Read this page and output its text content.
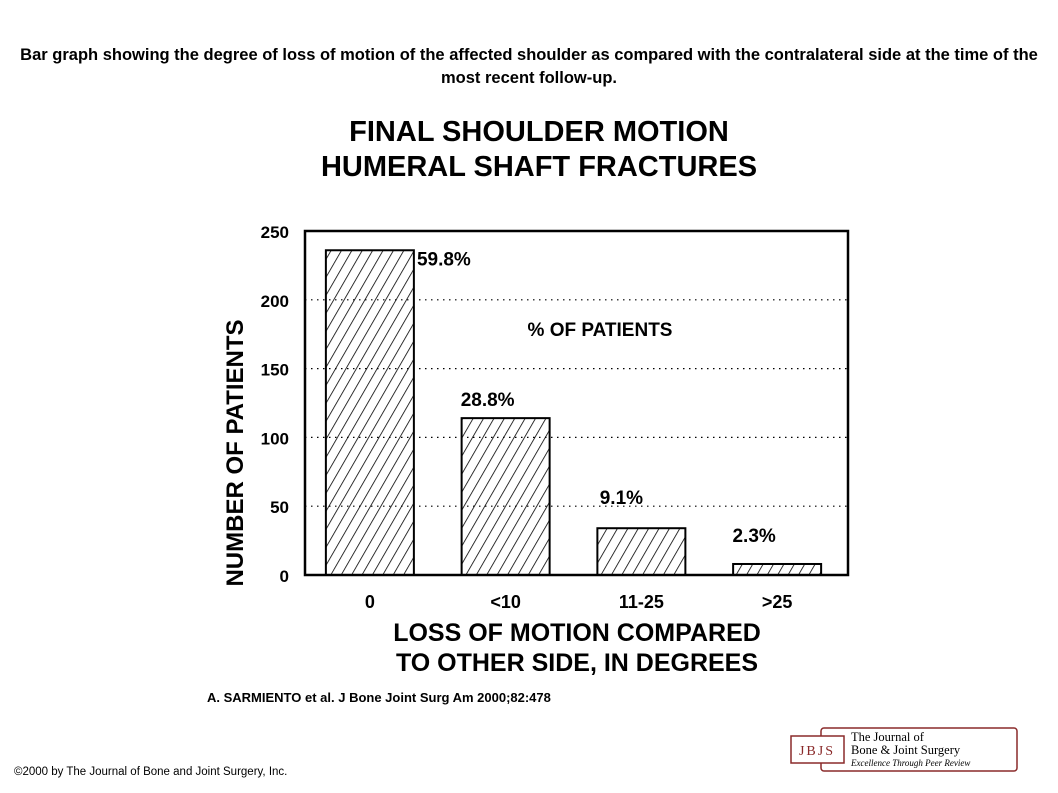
Bar graph showing the degree of loss of motion of the affected shoulder as compared with the contralateral side at the time of the most recent follow-up.
FINAL SHOULDER MOTION
HUMERAL SHAFT FRACTURES
NUMBER OF PATIENTS 0
50
100
150
200
250
59.8%
28.8%
9.1%
2.3%
0	<10	11-25	>25
% OF PATIENTS
LOSS OF MOTION COMPARED
TO OTHER SIDE, IN DEGREES
A. SARMIENTO et al. J Bone Joint Surg Am 2000;82:478
©2000 by The Journal of Bone and Joint Surgery, Inc.
JBJS
The Journal of
Bone & Joint Surgery
Excellence Through Peer Review
